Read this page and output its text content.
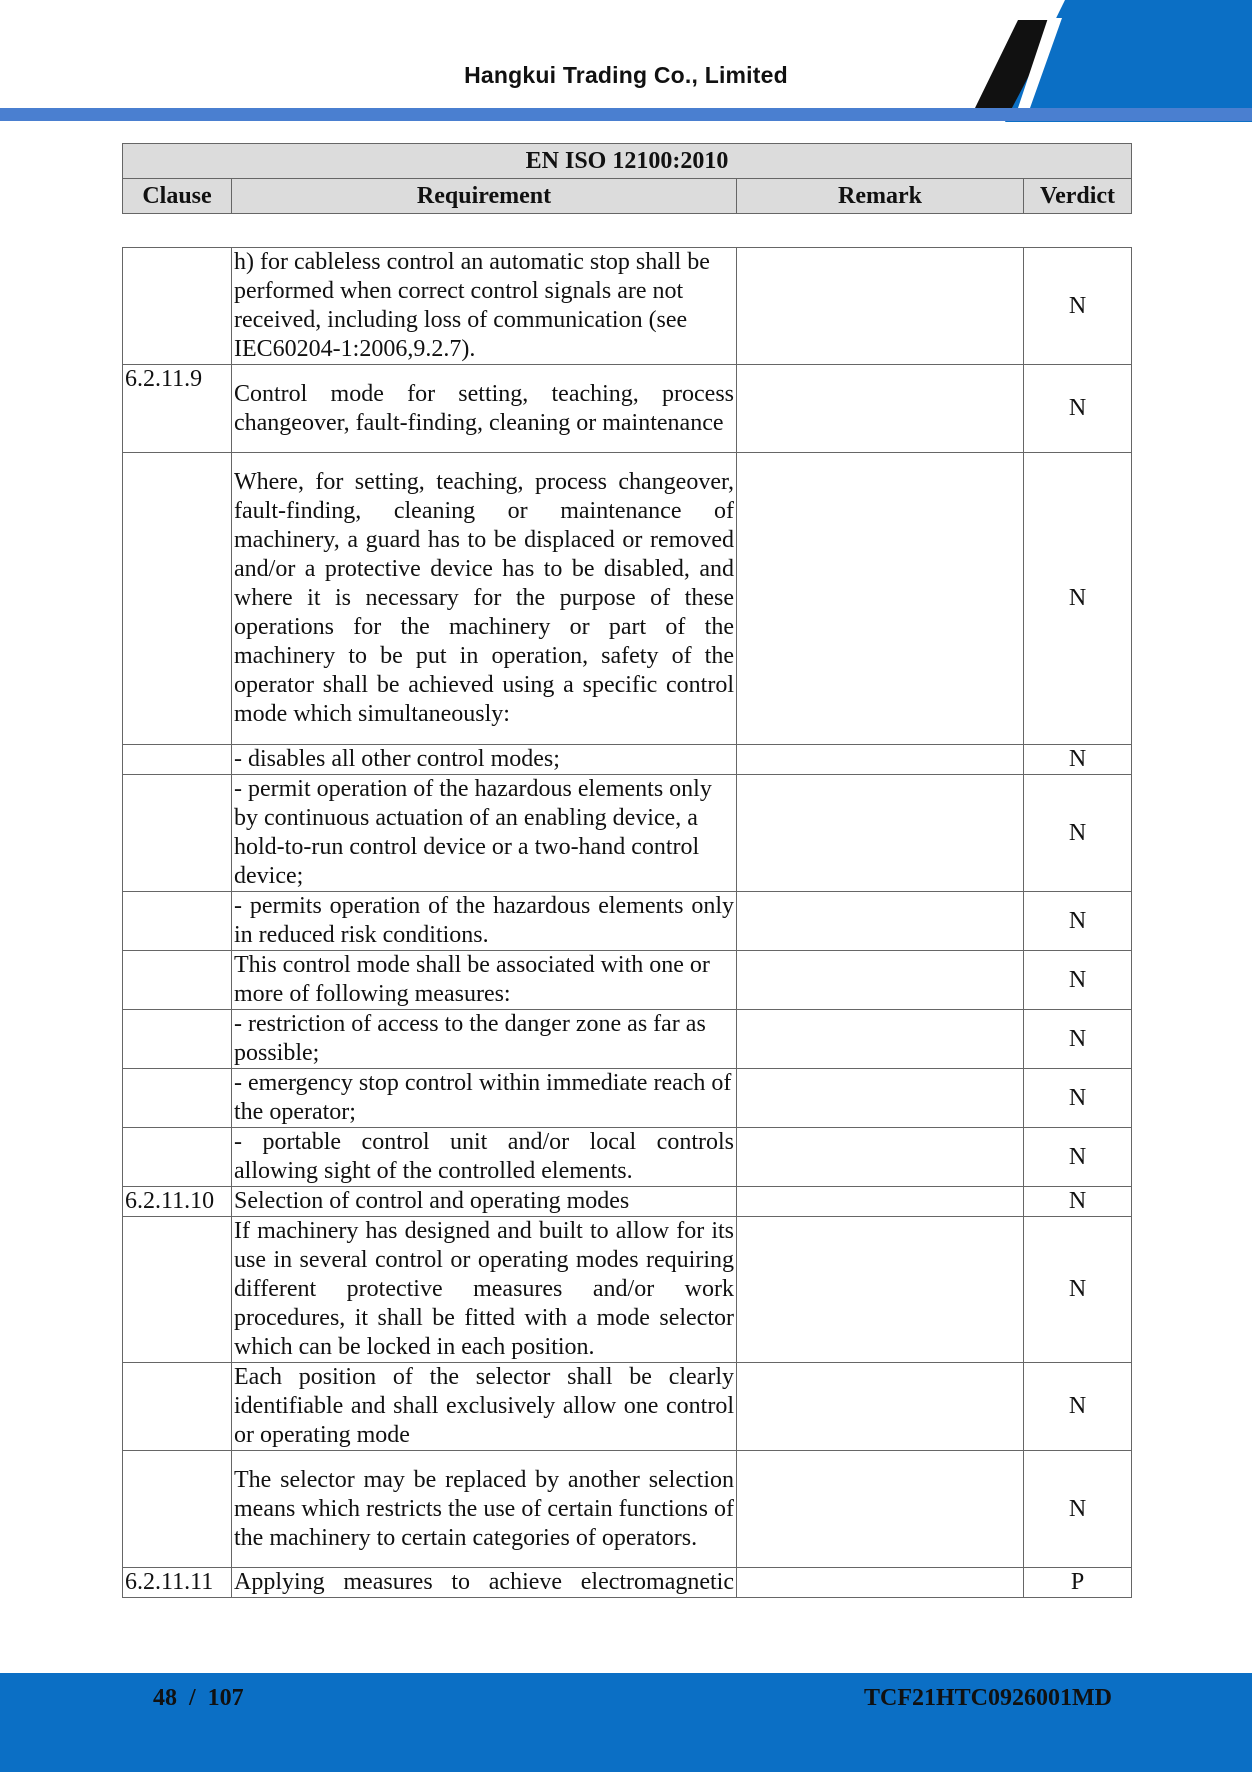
Hangkui Trading Co., Limited
EN ISO 12100:2010
Clause	Requirement	Remark	Verdict
	h) for cableless control an automatic stop shall be performed when correct control signals are not received, including loss of communication (see IEC60204-1:2006,9.2.7).		N
6.2.11.9	Control mode for setting, teaching, process changeover, fault-finding, cleaning or maintenance		N
	Where, for setting, teaching, process changeover, fault-finding, cleaning or maintenance of machinery, a guard has to be displaced or removed and/or a protective device has to be disabled, and where it is necessary for the purpose of these operations for the machinery or part of the machinery to be put in operation, safety of the operator shall be achieved using a specific control mode which simultaneously:		N
	- disables all other control modes;		N
	- permit operation of the hazardous elements only by continuous actuation of an enabling device, a hold-to-run control device or a two-hand control device;		N
	- permits operation of the hazardous elements only in reduced risk conditions.		N
	This control mode shall be associated with one or more of following measures:		N
	- restriction of access to the danger zone as far as possible;		N
	- emergency stop control within immediate reach of the operator;		N
	- portable control unit and/or local controls allowing sight of the controlled elements.		N
6.2.11.10	Selection of control and operating modes		N
	If machinery has designed and built to allow for its use in several control or operating modes requiring different protective measures and/or work procedures, it shall be fitted with a mode selector which can be locked in each position.		N
	Each position of the selector shall be clearly identifiable and shall exclusively allow one control or operating mode		N
	The selector may be replaced by another selection means which restricts the use of certain functions of the machinery to certain categories of operators.		N
6.2.11.11	Applying measures to achieve electromagnetic		P
48  /  107	TCF21HTC0926001MD
